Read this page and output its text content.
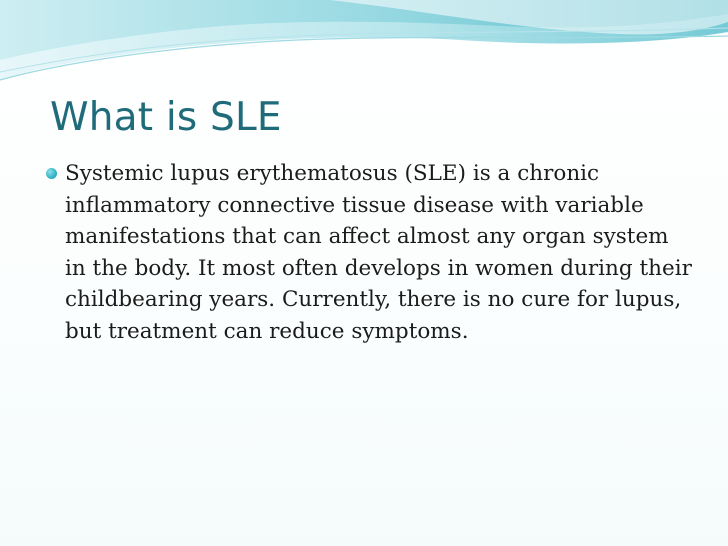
What is SLE

Systemic lupus erythematosus (SLE) is a chronic inflammatory connective tissue disease with variable manifestations that can affect almost any organ system in the body. It most often develops in women during their childbearing years. Currently, there is no cure for lupus, but treatment can reduce symptoms.
